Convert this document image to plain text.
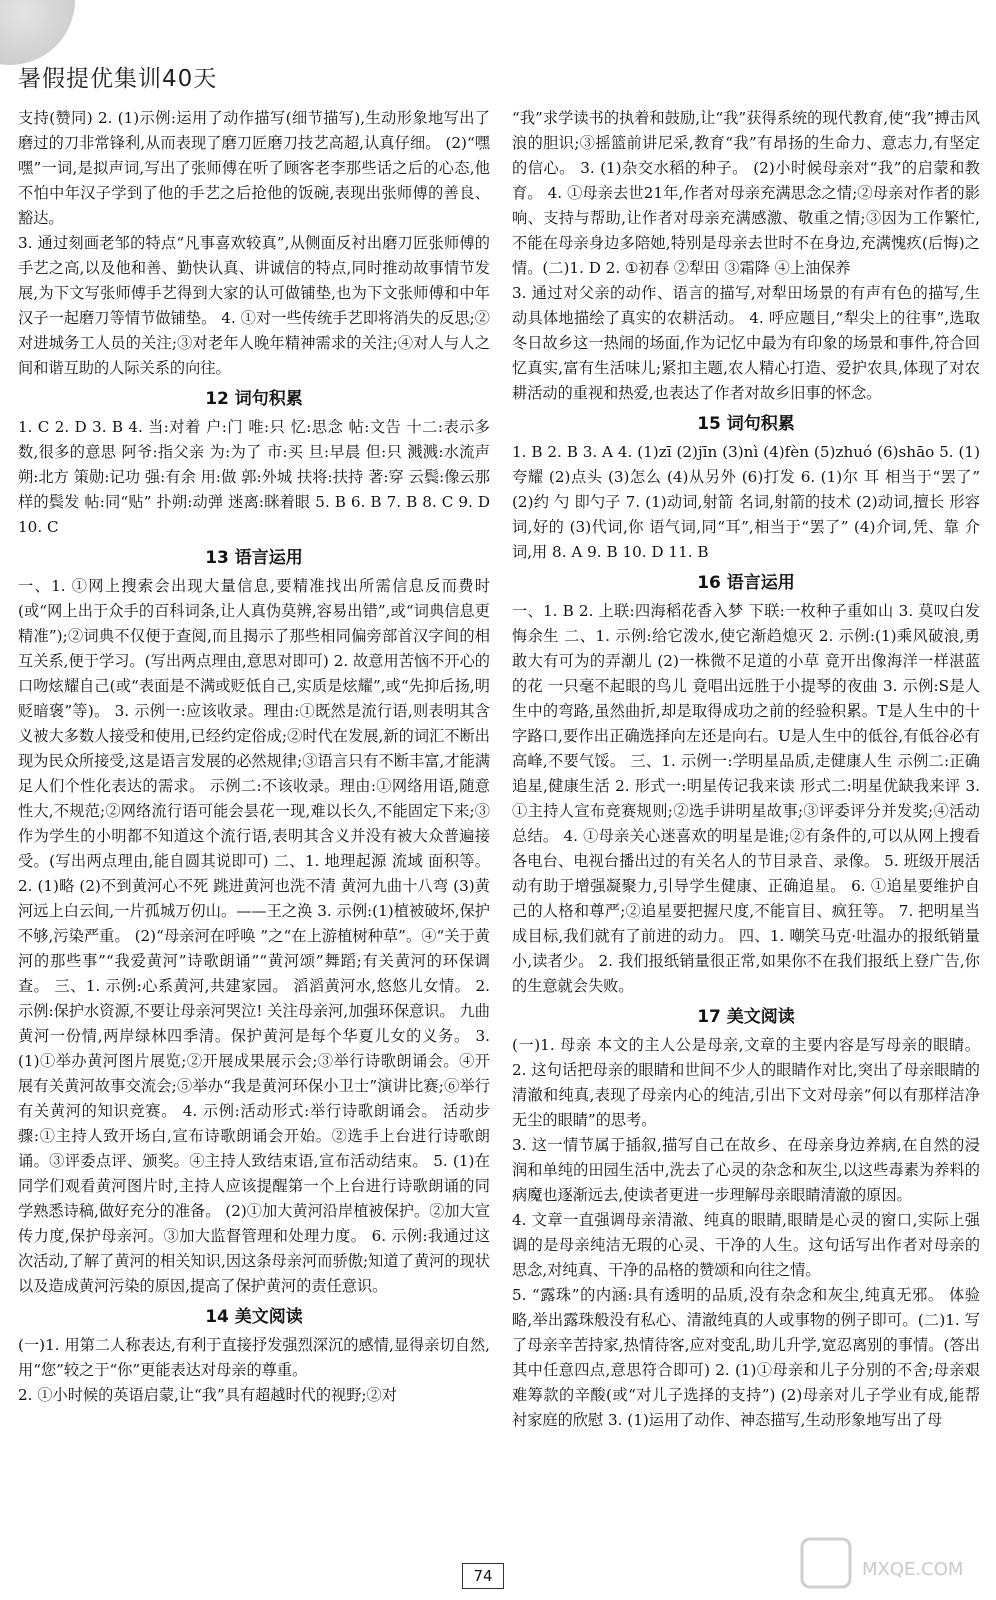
暑假提优集训40天

支持(赞同) 2. (1)示例:运用了动作描写(细节描写),生动形象地写出了磨过的刀非常锋利,从而表现了磨刀匠磨刀技艺高超,认真仔细。 (2)“嘿嘿”一词,是拟声词,写出了张师傅在听了顾客老李那些话之后的心态,他不怕中年汉子学到了他的手艺之后抢他的饭碗,表现出张师傅的善良、豁达。

3. 通过刻画老邹的特点“凡事喜欢较真”,从侧面反衬出磨刀匠张师傅的手艺之高,以及他和善、勤快认真、讲诚信的特点,同时推动故事情节发展,为下文写张师傅手艺得到大家的认可做铺垫,也为下文张师傅和中年汉子一起磨刀等情节做铺垫。 4. ①对一些传统手艺即将消失的反思;②对进城务工人员的关注;③对老年人晚年精神需求的关注;④对人与人之间和谐互助的人际关系的向往。

12 词句积累

1. C 2. D 3. B 4. 当:对着 户:门 唯:只 忆:思念 帖:文告 十二:表示多数,很多的意思 阿爷:指父亲 为:为了 市:买 旦:早晨 但:只 溅溅:水流声 朔:北方 策勋:记功 强:有余 用:做 郭:外城 扶将:扶持 著:穿 云鬓:像云那样的鬓发 帖:同“贴” 扑朔:动弹 迷离:眯着眼 5. B 6. B 7. B 8. C 9. D 10. C

13 语言运用

一、1. ①网上搜索会出现大量信息,要精准找出所需信息反而费时(或“网上出于众手的百科词条,让人真伪莫辨,容易出错”,或“词典信息更精准”);②词典不仅便于查阅,而且揭示了那些相同偏旁部首汉字间的相互关系,便于学习。(写出两点理由,意思对即可) 2. 故意用苦恼不开心的口吻炫耀自己(或“表面是不满或贬低自己,实质是炫耀”,或“先抑后扬,明贬暗褒”等)。 3. 示例一:应该收录。理由:①既然是流行语,则表明其含义被大多数人接受和使用,已经约定俗成;②时代在发展,新的词汇不断出现为民众所接受,这是语言发展的必然规律;③语言只有不断丰富,才能满足人们个性化表达的需求。 示例二:不该收录。理由:①网络用语,随意性大,不规范;②网络流行语可能会昙花一现,难以长久,不能固定下来;③作为学生的小明都不知道这个流行语,表明其含义并没有被大众普遍接受。(写出两点理由,能自圆其说即可) 二、1. 地理起源 流域 面积等。 2. (1)略 (2)不到黄河心不死 跳进黄河也洗不清 黄河九曲十八弯 (3)黄河远上白云间,一片孤城万仞山。——王之涣 3. 示例:(1)植被破坏,保护不够,污染严重。 (2)“母亲河在呼唤 ”之“在上游植树种草”。④“关于黄河的那些事”“我爱黄河”诗歌朗诵”“黄河颂”舞蹈;有关黄河的环保调查。 三、1. 示例:心系黄河,共建家园。 滔滔黄河水,悠悠儿女情。 2. 示例:保护水资源,不要让母亲河哭泣! 关注母亲河,加强环保意识。 九曲黄河一份情,两岸绿林四季清。保护黄河是每个华夏儿女的义务。 3. (1)①举办黄河图片展览;②开展成果展示会;③举行诗歌朗诵会。④开展有关黄河故事交流会;⑤举办“我是黄河环保小卫士”演讲比赛;⑥举行有关黄河的知识竞赛。 4. 示例:活动形式:举行诗歌朗诵会。 活动步骤:①主持人致开场白,宣布诗歌朗诵会开始。②选手上台进行诗歌朗诵。③评委点评、颁奖。④主持人致结束语,宣布活动结束。 5. (1)在同学们观看黄河图片时,主持人应该提醒第一个上台进行诗歌朗诵的同学熟悉诗稿,做好充分的准备。 (2)①加大黄河沿岸植被保护。②加大宣传力度,保护母亲河。③加大监督管理和处理力度。 6. 示例:我通过这次活动,了解了黄河的相关知识,因这条母亲河而骄傲;知道了黄河的现状以及造成黄河污染的原因,提高了保护黄河的责任意识。

14 美文阅读

(一)1. 用第二人称表达,有利于直接抒发强烈深沉的感情,显得亲切自然,用“您”较之于“你”更能表达对母亲的尊重。

2. ①小时候的英语启蒙,让“我”具有超越时代的视野;②对

“我”求学读书的执着和鼓励,让“我”获得系统的现代教育,使“我”搏击风浪的胆识;③摇篮前讲尼采,教育“我”有昂扬的生命力、意志力,有坚定的信心。 3. (1)杂交水稻的种子。 (2)小时候母亲对“我”的启蒙和教育。 4. ①母亲去世21年,作者对母亲充满思念之情;②母亲对作者的影响、支持与帮助,让作者对母亲充满感激、敬重之情;③因为工作繁忙,不能在母亲身边多陪她,特别是母亲去世时不在身边,充满愧疚(后悔)之情。(二)1. D 2. ①初春 ②犁田 ③霜降 ④上油保养

3. 通过对父亲的动作、语言的描写,对犁田场景的有声有色的描写,生动具体地描绘了真实的农耕活动。 4. 呼应题目,“犁尖上的往事”,选取冬日故乡这一热闹的场面,作为记忆中最为有印象的场景和事件,符合回忆真实,富有生活味儿;紧扣主题,农人精心打造、爱护农具,体现了对农耕活动的重视和热爱,也表达了作者对故乡旧事的怀念。

15 词句积累

1. B 2. B 3. A 4. (1)zī (2)jīn (3)nì (4)fèn (5)zhuó (6)shāo 5. (1)夸耀 (2)点头 (3)怎么 (4)从另外 (6)打发 6. (1)尔 耳 相当于“罢了” (2)约 勺 即勺子 7. (1)动词,射箭 名词,射箭的技术 (2)动词,擅长 形容词,好的 (3)代词,你 语气词,同“耳”,相当于“罢了” (4)介词,凭、靠 介词,用 8. A 9. B 10. D 11. B

16 语言运用

一、1. B 2. 上联:四海稻花香入梦 下联:一枚种子重如山 3. 莫叹白发悔余生 二、1. 示例:给它泼水,使它渐趋熄灭 2. 示例:(1)乘风破浪,勇敢大有可为的弄潮儿 (2)一株微不足道的小草 竟开出像海洋一样湛蓝的花 一只毫不起眼的鸟儿 竟唱出远胜于小提琴的夜曲 3. 示例:S是人生中的弯路,虽然曲折,却是取得成功之前的经验积累。T是人生中的十字路口,要作出正确选择向左还是向右。U是人生中的低谷,有低谷必有高峰,不要气馁。 三、1. 示例一:学明星品质,走健康人生 示例二:正确追星,健康生活 2. 形式一:明星传记我来读 形式二:明星优缺我来评 3. ①主持人宣布竞赛规则;②选手讲明星故事;③评委评分并发奖;④活动总结。 4. ①母亲关心迷喜欢的明星是谁;②有条件的,可以从网上搜看各电台、电视台播出过的有关名人的节目录音、录像。 5. 班级开展活动有助于增强凝聚力,引导学生健康、正确追星。 6. ①追星要维护自己的人格和尊严;②追星要把握尺度,不能盲目、疯狂等。 7. 把明星当成目标,我们就有了前进的动力。 四、1. 嘲笑马克·吐温办的报纸销量小,读者少。 2. 我们报纸销量很正常,如果你不在我们报纸上登广告,你的生意就会失败。

17 美文阅读

(一)1. 母亲 本文的主人公是母亲,文章的主要内容是写母亲的眼睛。 2. 这句话把母亲的眼睛和世间不少人的眼睛作对比,突出了母亲眼睛的清澈和纯真,表现了母亲内心的纯洁,引出下文对母亲“何以有那样洁净无尘的眼睛”的思考。

3. 这一情节属于插叙,描写自己在故乡、在母亲身边养病,在自然的浸润和单纯的田园生活中,洗去了心灵的杂念和灰尘,以这些毒素为养料的病魔也逐渐远去,使读者更进一步理解母亲眼睛清澈的原因。

4. 文章一直强调母亲清澈、纯真的眼睛,眼睛是心灵的窗口,实际上强调的是母亲纯洁无瑕的心灵、干净的人生。这句话写出作者对母亲的思念,对纯真、干净的品格的赞颂和向往之情。

5. “露珠”的内涵:具有透明的品质,没有杂念和灰尘,纯真无邪。 体验略,举出露珠般没有私心、清澈纯真的人或事物的例子即可。(二)1. 写了母亲辛苦持家,热情待客,应对变乱,助儿升学,宽忍离别的事情。(答出其中任意四点,意思符合即可) 2. (1)①母亲和儿子分别的不舍;母亲艰难筹款的辛酸(或“对儿子选择的支持”) (2)母亲对儿子学业有成,能帮衬家庭的欣慰 3. (1)运用了动作、神态描写,生动形象地写出了母

74	MXQE.COM
